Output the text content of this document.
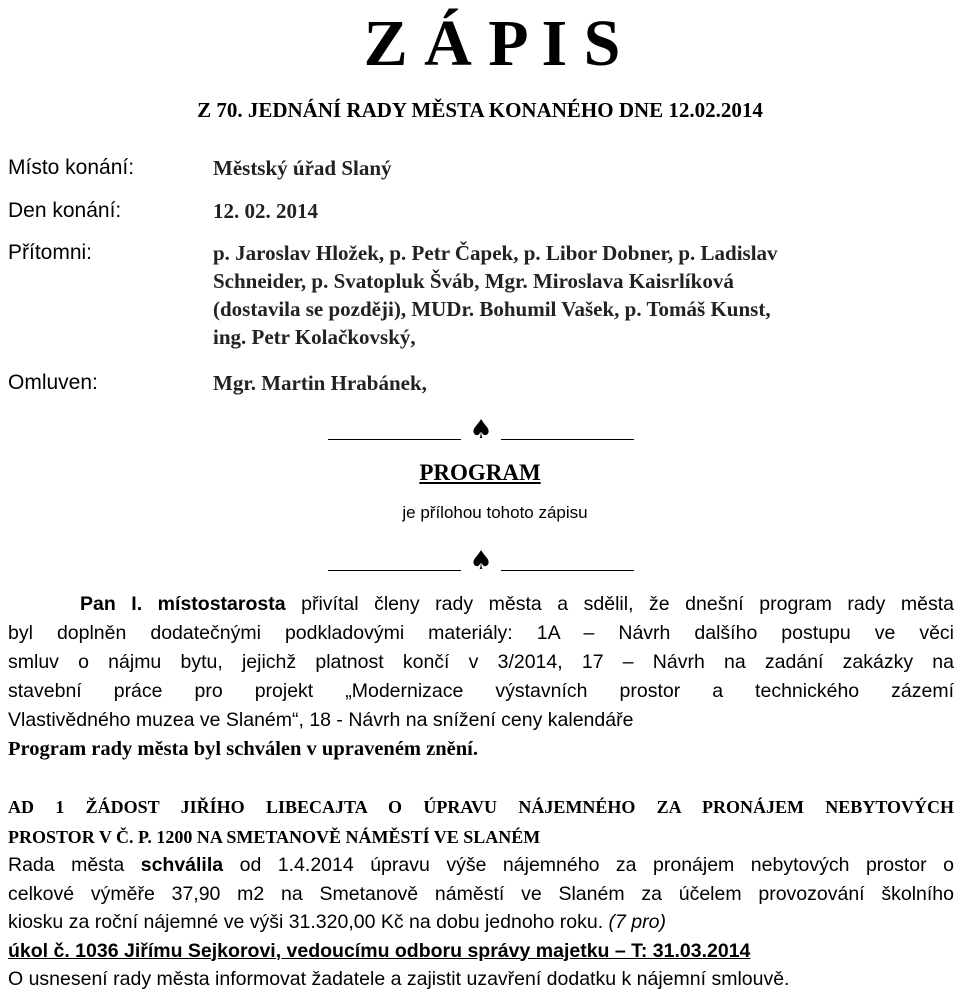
Z Á P I S
Z 70. JEDNÁNÍ RADY MĚSTA KONANÉHO DNE 12.02.2014
Místo konání:	Městský úřad Slaný
Den konání:	12. 02. 2014
Přítomni:	p. Jaroslav Hložek, p. Petr Čapek, p. Libor Dobner, p. Ladislav
Schneider, p. Svatopluk Šváb, Mgr. Miroslava Kaisrlíková
(dostavila se později), MUDr. Bohumil Vašek, p. Tomáš Kunst,
ing. Petr Kolačkovský,
Omluven:	Mgr. Martin Hrabánek,
♠
PROGRAM
je přílohou tohoto zápisu
♠
Pan I. místostarosta přivítal členy rady města a sdělil, že dnešní program rady města
byl doplněn dodatečnými podkladovými materiály: 1A – Návrh dalšího postupu ve věci
smluv o nájmu bytu, jejichž platnost končí v 3/2014, 17 – Návrh na zadání zakázky na
stavební práce pro projekt „Modernizace výstavních prostor a technického zázemí
Vlastivědného muzea ve Slaném“, 18 - Návrh na snížení ceny kalendáře
Program rady města byl schválen v upraveném znění.
AD 1 ŽÁDOST JIŘÍHO LIBECAJTA O ÚPRAVU NÁJEMNÉHO ZA PRONÁJEM NEBYTOVÝCH
PROSTOR V Č. P. 1200 NA SMETANOVĚ NÁMĚSTÍ VE SLANÉM
Rada města schválila od 1.4.2014 úpravu výše nájemného za pronájem nebytových prostor o
celkové výměře 37,90 m2 na Smetanově náměstí ve Slaném za účelem provozování školního
kiosku za roční nájemné ve výši 31.320,00 Kč na dobu jednoho roku. (7 pro)
úkol č. 1036 Jiřímu Sejkorovi, vedoucímu odboru správy majetku – T: 31.03.2014
O usnesení rady města informovat žadatele a zajistit uzavření dodatku k nájemní smlouvě.
